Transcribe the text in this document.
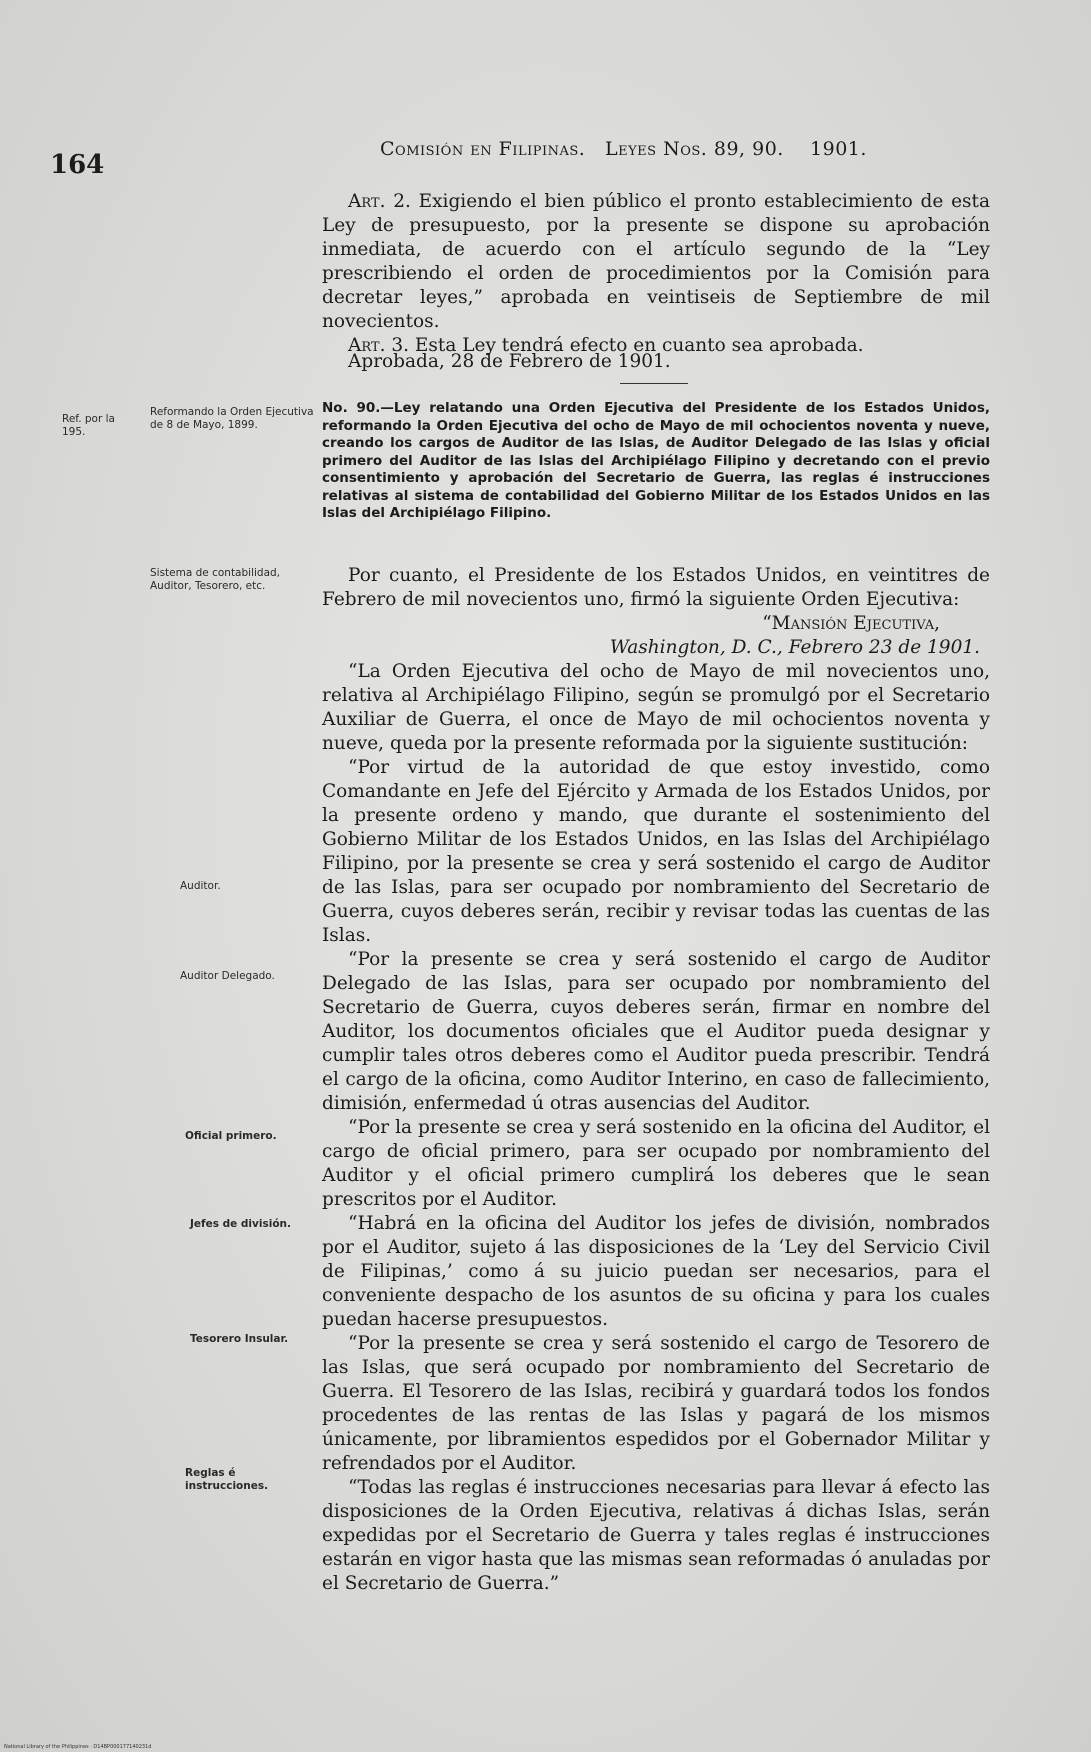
164
Comisión en Filipinas. Leyes Nos. 89, 90. 1901.

Art. 2. Exigiendo el bien público el pronto establecimiento de esta Ley de presupuesto, por la presente se dispone su aprobación inmediata, de acuerdo con el artículo segundo de la “Ley prescribiendo el orden de procedimientos por la Comisión para decretar leyes,” aprobada en veintiseis de Septiembre de mil novecientos.

Art. 3. Esta Ley tendrá efecto en cuanto sea aprobada.

Aprobada, 28 de Febrero de 1901.

No. 90.—Ley relatando una Orden Ejecutiva del Presidente de los Estados Unidos, reformando la Orden Ejecutiva del ocho de Mayo de mil ochocientos noventa y nueve, creando los cargos de Auditor de las Islas, de Auditor Delegado de las Islas y oficial primero del Auditor de las Islas del Archipiélago Filipino y decretando con el previo consentimiento y aprobación del Secretario de Guerra, las reglas é instrucciones relativas al sistema de contabilidad del Gobierno Militar de los Estados Unidos en las Islas del Archipiélago Filipino.

Por cuanto, el Presidente de los Estados Unidos, en veintitres de Febrero de mil novecientos uno, firmó la siguiente Orden Ejecutiva:

“Mansión Ejecutiva,

Washington, D. C., Febrero 23 de 1901.

“La Orden Ejecutiva del ocho de Mayo de mil novecientos uno, relativa al Archipiélago Filipino, según se promulgó por el Secretario Auxiliar de Guerra, el once de Mayo de mil ochocientos noventa y nueve, queda por la presente reformada por la siguiente sustitución:

“Por virtud de la autoridad de que estoy investido, como Comandante en Jefe del Ejército y Armada de los Estados Unidos, por la presente ordeno y mando, que durante el sostenimiento del Gobierno Militar de los Estados Unidos, en las Islas del Archipiélago Filipino, por la presente se crea y será sostenido el cargo de Auditor de las Islas, para ser ocupado por nombramiento del Secretario de Guerra, cuyos deberes serán, recibir y revisar todas las cuentas de las Islas.

“Por la presente se crea y será sostenido el cargo de Auditor Delegado de las Islas, para ser ocupado por nombramiento del Secretario de Guerra, cuyos deberes serán, firmar en nombre del Auditor, los documentos oficiales que el Auditor pueda designar y cumplir tales otros deberes como el Auditor pueda prescribir. Tendrá el cargo de la oficina, como Auditor Interino, en caso de fallecimiento, dimisión, enfermedad ú otras ausencias del Auditor.

“Por la presente se crea y será sostenido en la oficina del Auditor, el cargo de oficial primero, para ser ocupado por nombramiento del Auditor y el oficial primero cumplirá los deberes que le sean prescritos por el Auditor.

“Habrá en la oficina del Auditor los jefes de división, nombrados por el Auditor, sujeto á las disposiciones de la ‘Ley del Servicio Civil de Filipinas,’ como á su juicio puedan ser necesarios, para el conveniente despacho de los asuntos de su oficina y para los cuales puedan hacerse presupuestos.

“Por la presente se crea y será sostenido el cargo de Tesorero de las Islas, que será ocupado por nombramiento del Secretario de Guerra. El Tesorero de las Islas, recibirá y guardará todos los fondos procedentes de las rentas de las Islas y pagará de los mismos únicamente, por libramientos espedidos por el Gobernador Militar y refrendados por el Auditor.

“Todas las reglas é instrucciones necesarias para llevar á efecto las disposiciones de la Orden Ejecutiva, relativas á dichas Islas, serán expedidas por el Secretario de Guerra y tales reglas é instrucciones estarán en vigor hasta que las mismas sean reformadas ó anuladas por el Secretario de Guerra.”

Ref. por la 195.
Reformando la Orden Ejecutiva de 8 de Mayo, 1899.
Sistema de contabilidad, Auditor, Tesorero, etc.
Auditor.
Auditor Delegado.
Oficial primero.
Jefes de división.
Tesorero Insular.
Reglas é instrucciones.
National Library of the Philippines · D14BP000177140231d
